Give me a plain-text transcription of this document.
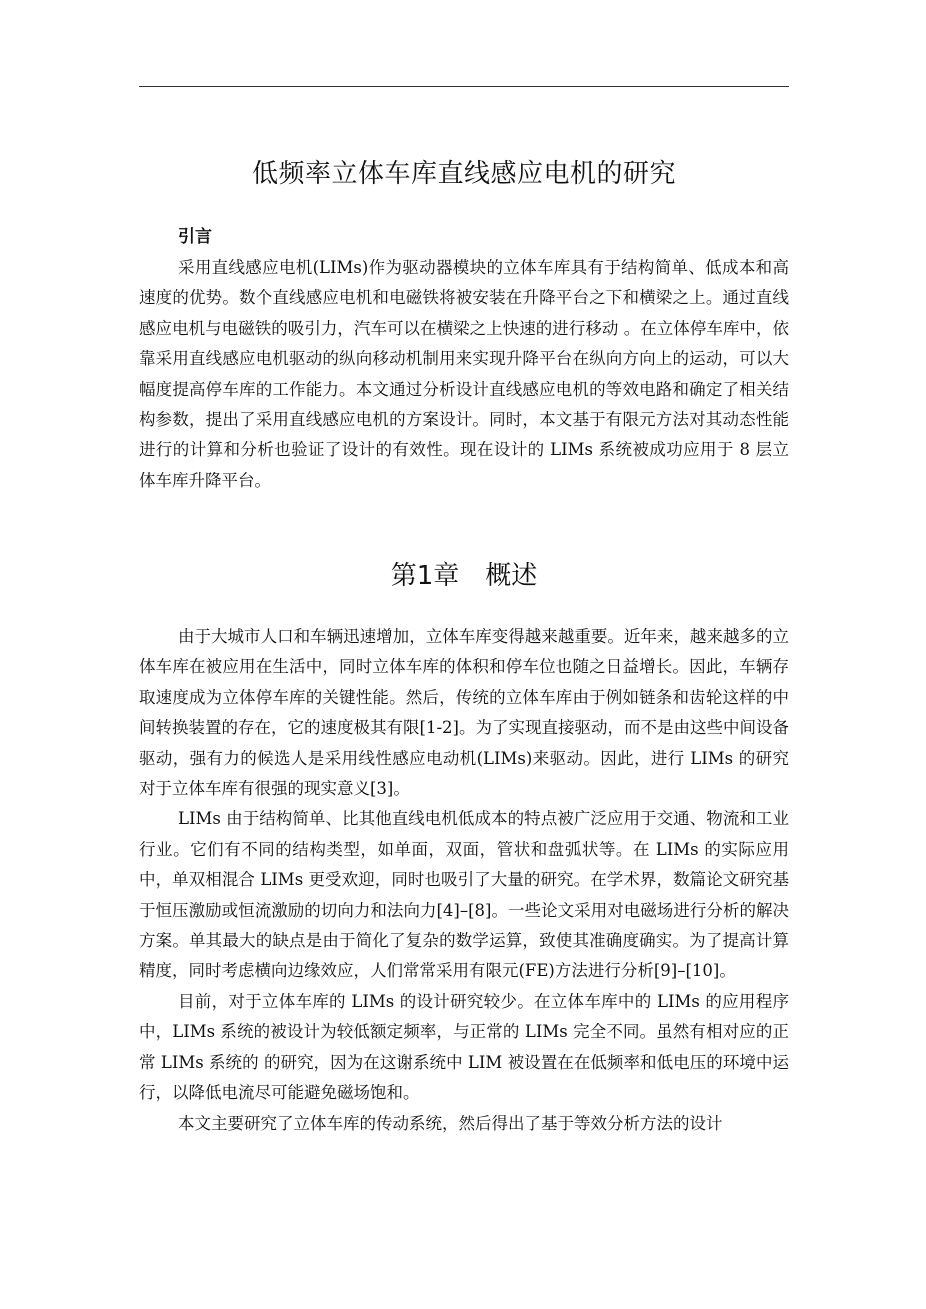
低频率立体车库直线感应电机的研究
引言

采用直线感应电机(LIMs)作为驱动器模块的立体车库具有于结构简单、低成本和高速度的优势。数个直线感应电机和电磁铁将被安装在升降平台之下和横梁之上。通过直线感应电机与电磁铁的吸引力，汽车可以在横梁之上快速的进行移动 。在立体停车库中，依靠采用直线感应电机驱动的纵向移动机制用来实现升降平台在纵向方向上的运动，可以大幅度提高停车库的工作能力。本文通过分析设计直线感应电机的等效电路和确定了相关结构参数，提出了采用直线感应电机的方案设计。同时，本文基于有限元方法对其动态性能进行的计算和分析也验证了设计的有效性。现在设计的 LIMs 系统被成功应用于 8 层立体车库升降平台。

第1章 概述

由于大城市人口和车辆迅速增加，立体车库变得越来越重要。近年来，越来越多的立体车库在被应用在生活中，同时立体车库的体积和停车位也随之日益增长。因此，车辆存取速度成为立体停车库的关键性能。然后，传统的立体车库由于例如链条和齿轮这样的中间转换装置的存在，它的速度极其有限[1-2]。为了实现直接驱动，而不是由这些中间设备驱动，强有力的候选人是采用线性感应电动机(LIMs)来驱动。因此，进行 LIMs 的研究对于立体车库有很强的现实意义[3]。

LIMs 由于结构简单、比其他直线电机低成本的特点被广泛应用于交通、物流和工业行业。它们有不同的结构类型，如单面，双面，管状和盘弧状等。在 LIMs 的实际应用中，单双相混合 LIMs 更受欢迎，同时也吸引了大量的研究。在学术界，数篇论文研究基于恒压激励或恒流激励的切向力和法向力[4]–[8]。一些论文采用对电磁场进行分析的解决方案。单其最大的缺点是由于简化了复杂的数学运算，致使其准确度确实。为了提高计算精度，同时考虑横向边缘效应，人们常常采用有限元(FE)方法进行分析[9]–[10]。

目前，对于立体车库的 LIMs 的设计研究较少。在立体车库中的 LIMs 的应用程序中，LIMs 系统的被设计为较低额定频率，与正常的 LIMs 完全不同。虽然有相对应的正常 LIMs 系统的 的研究，因为在这谢系统中 LIM 被设置在在低频率和低电压的环境中运行，以降低电流尽可能避免磁场饱和。

本文主要研究了立体车库的传动系统，然后得出了基于等效分析方法的设计
